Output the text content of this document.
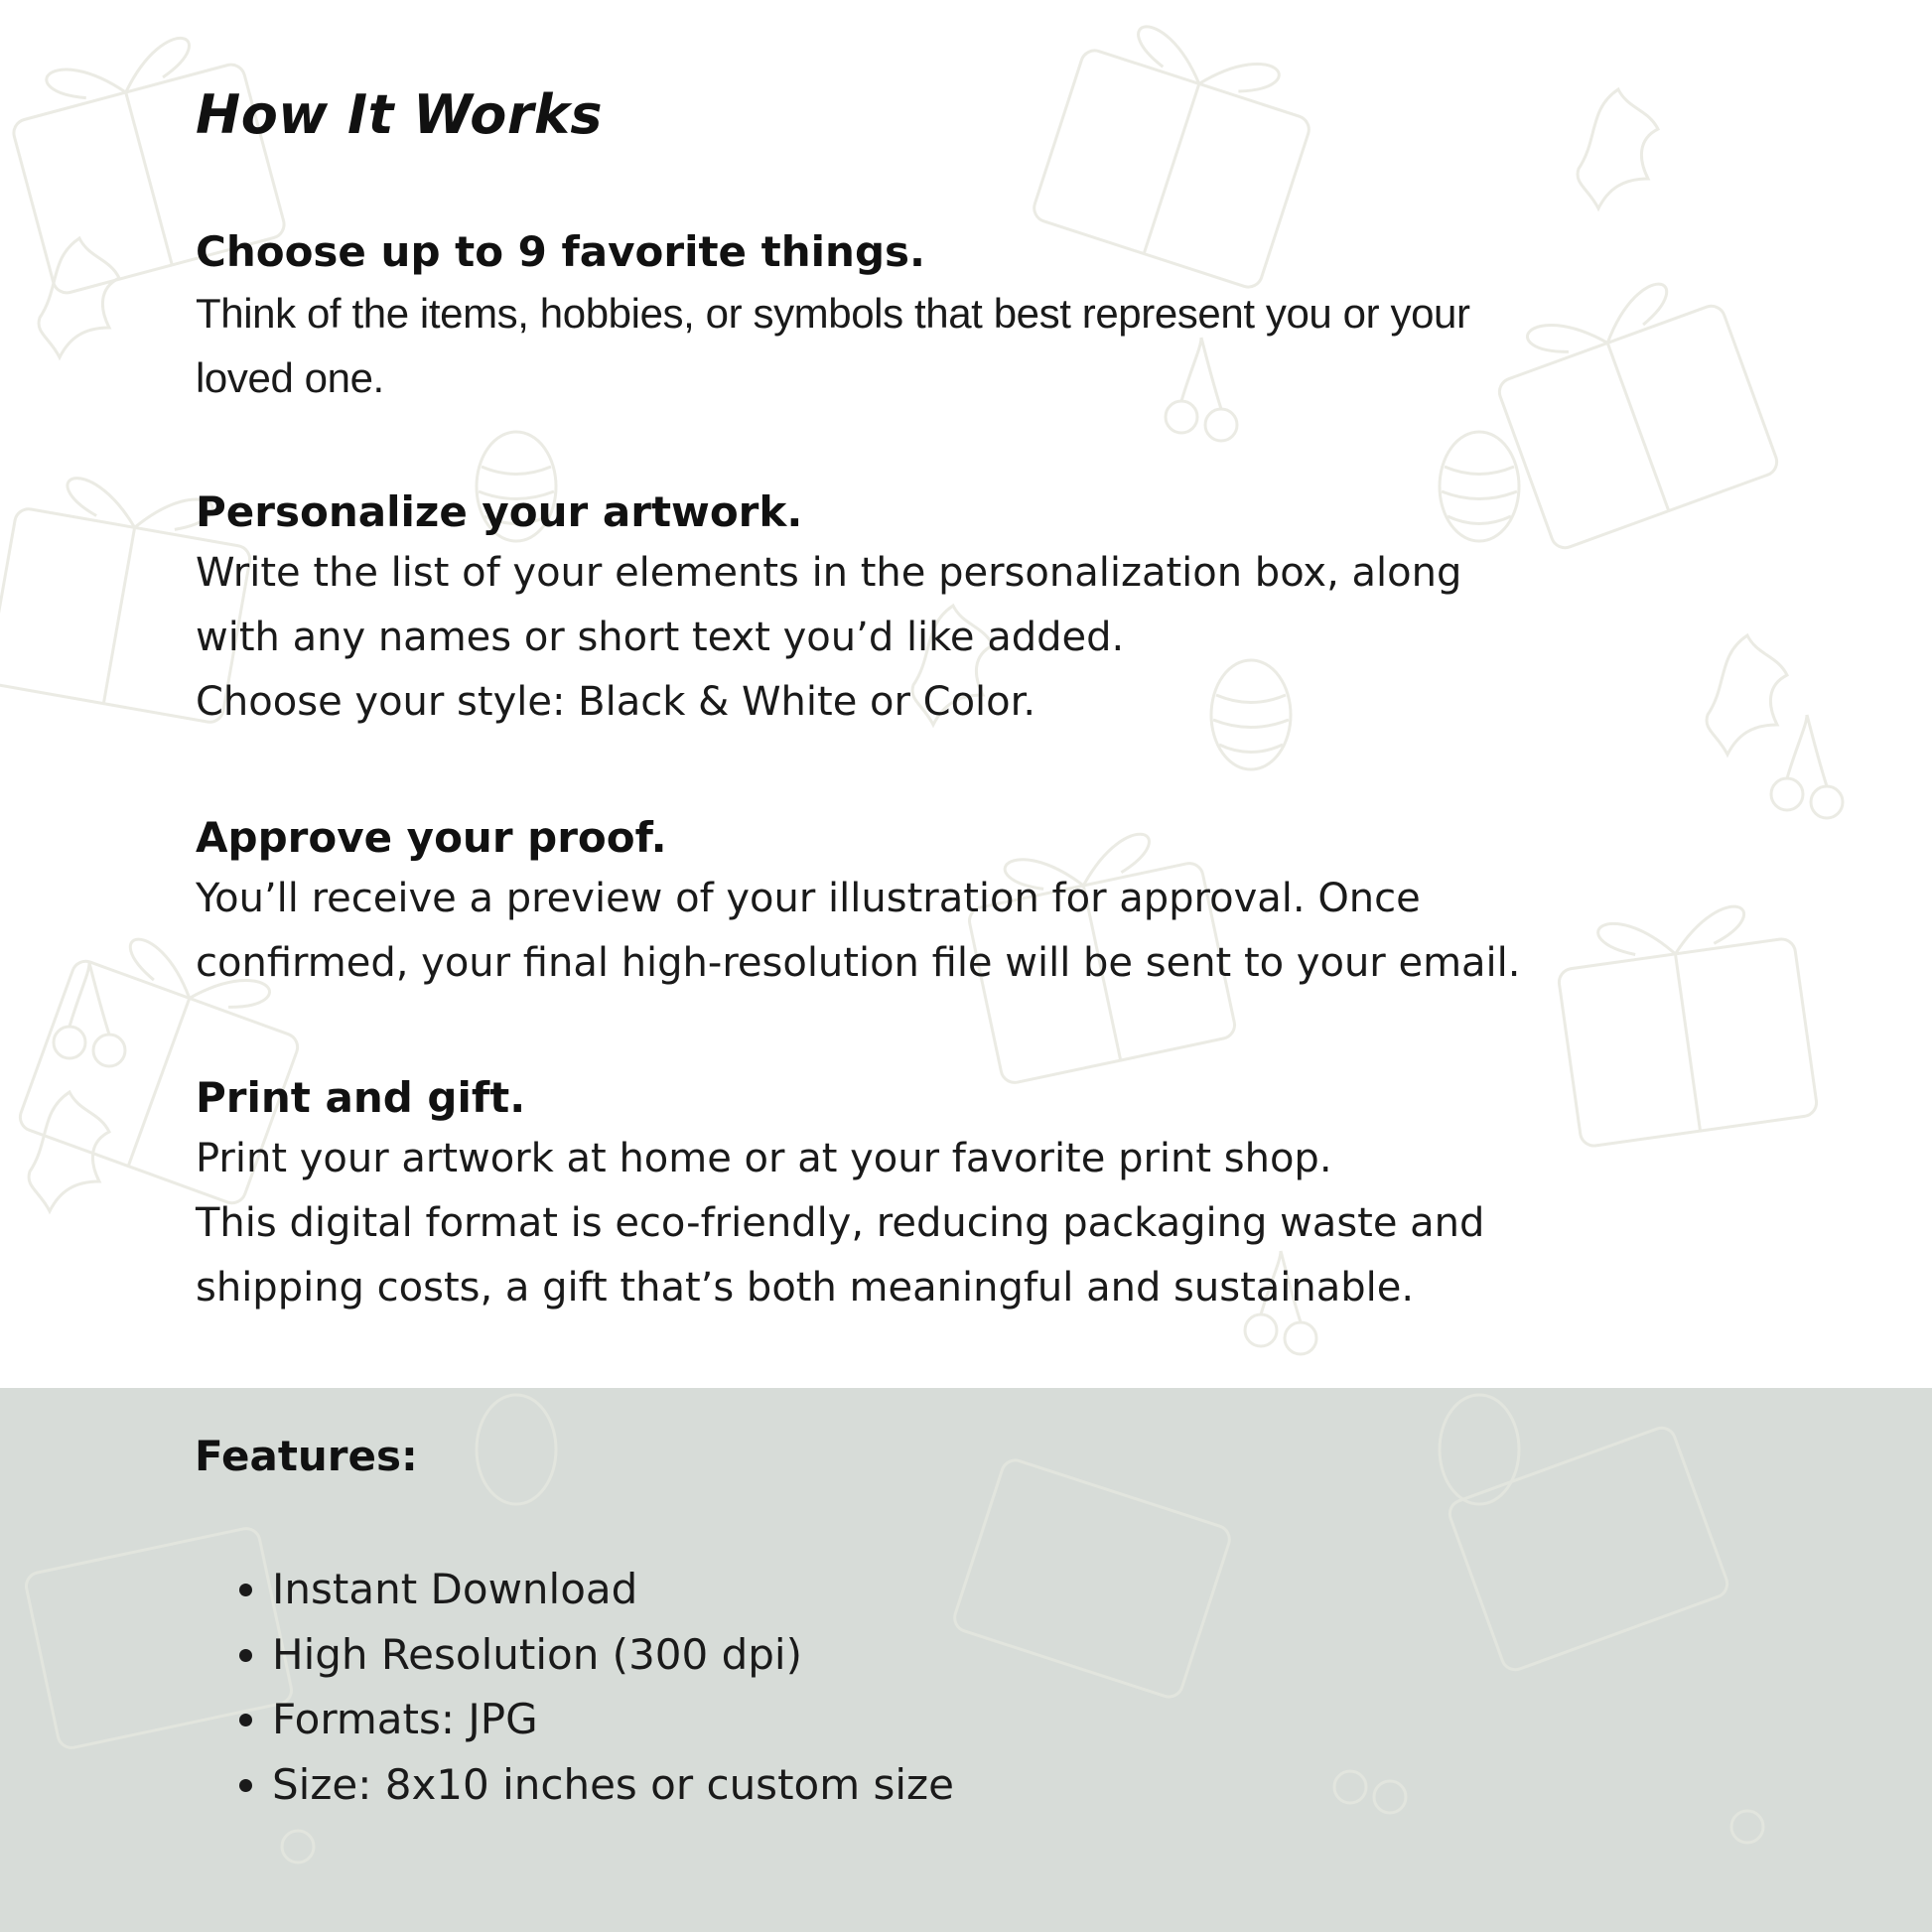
How It Works
Choose up to 9 favorite things.

Think of the items, hobbies, or symbols that best represent you or your
loved one.

Personalize your artwork.

Write the list of your elements in the personalization box, along
with any names or short text you’d like added.
Choose your style: Black & White or Color.

Approve your proof.

You’ll receive a preview of your illustration for approval. Once
confirmed, your final high-resolution file will be sent to your email.

Print and gift.

Print your artwork at home or at your favorite print shop.
This digital format is eco-friendly, reducing packaging waste and
shipping costs, a gift that’s both meaningful and sustainable.

Features:
• Instant Download
• High Resolution (300 dpi)
• Formats: JPG
• Size: 8x10 inches or custom size
